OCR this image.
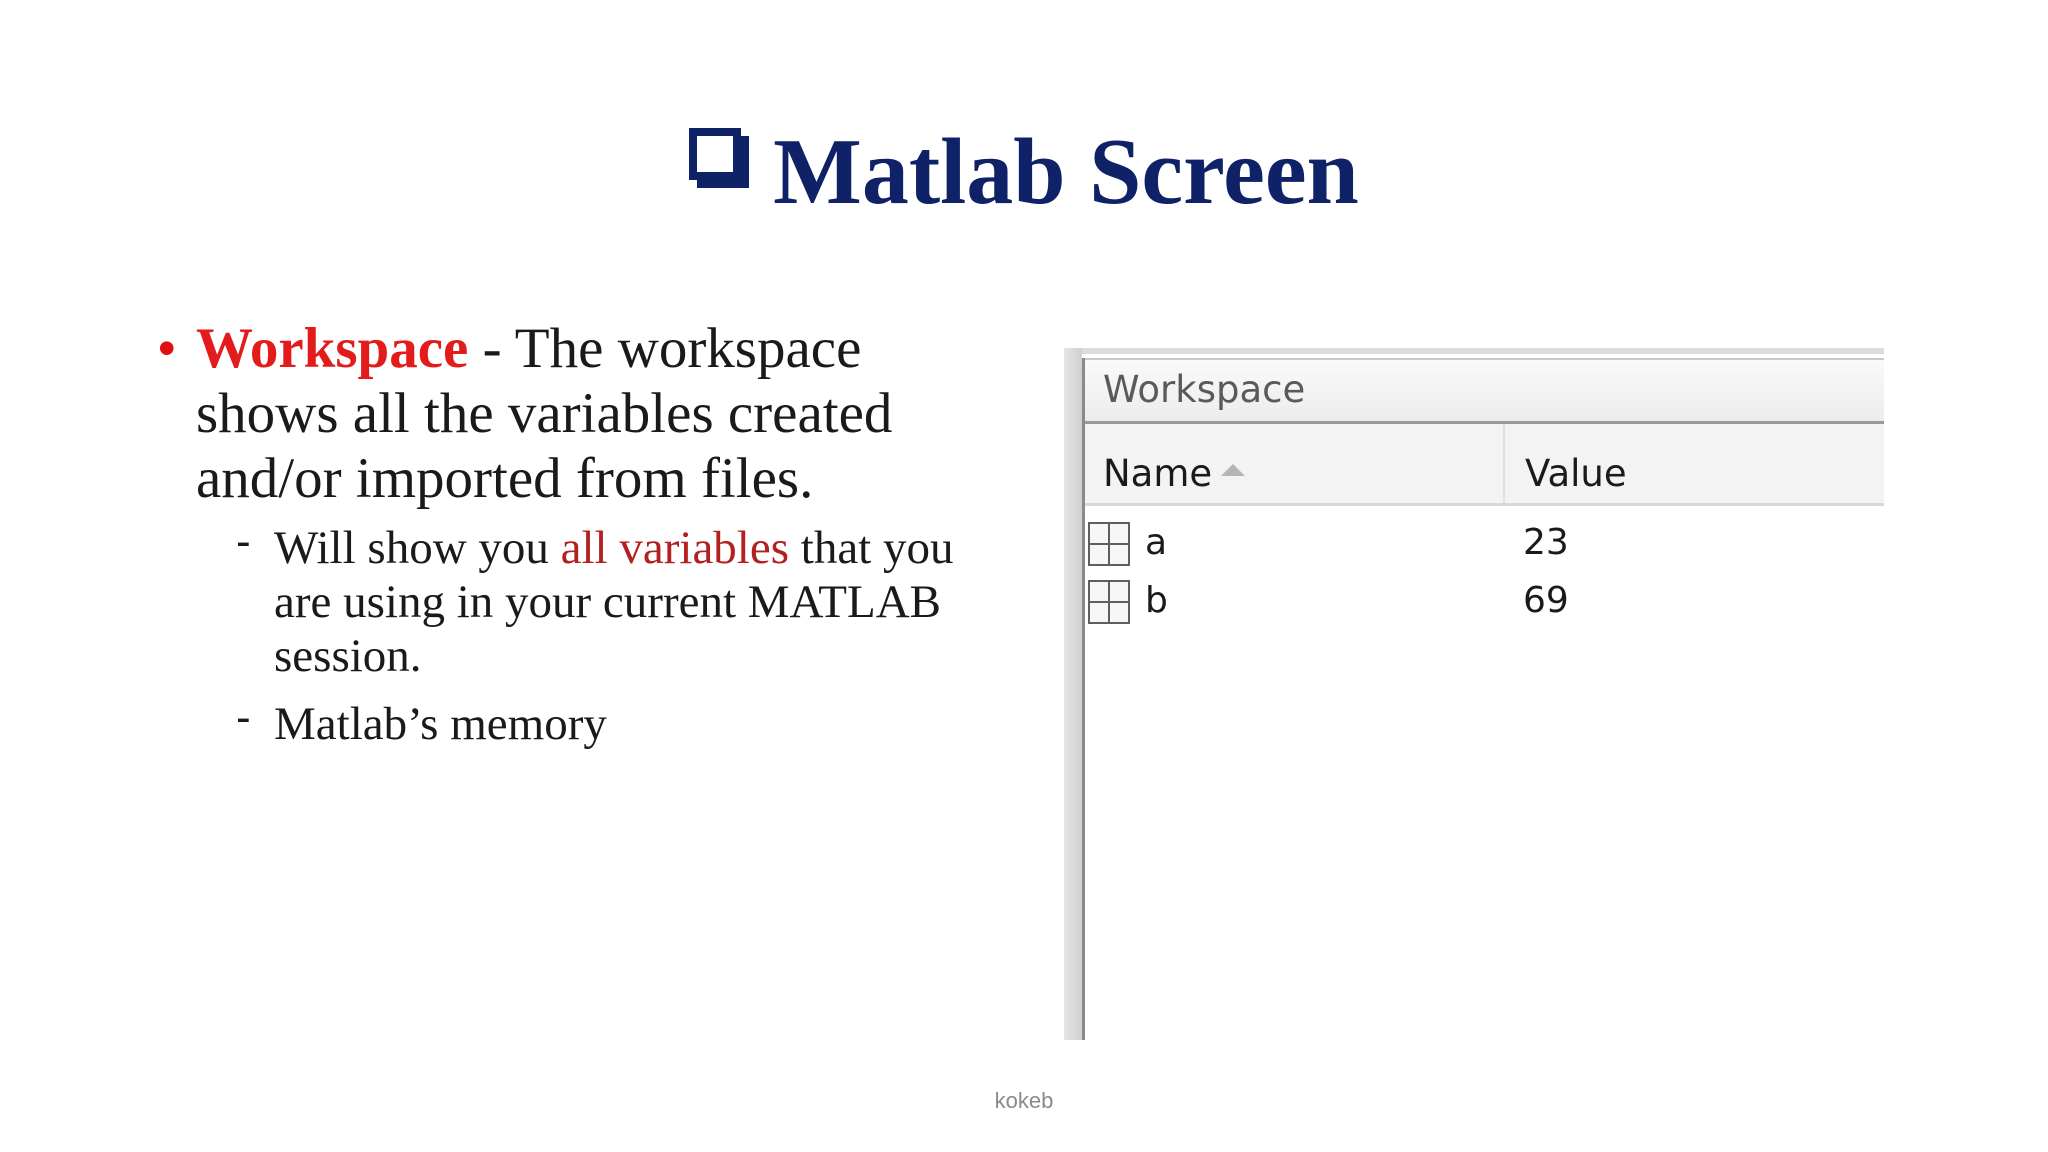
Matlab Screen
• Workspace - The workspace shows all the variables created and/or imported from files.
- Will show you all variables that you are using in your current MATLAB session.
- Matlab’s memory
Workspace
Name	Value
a	23
b	69
kokeb
